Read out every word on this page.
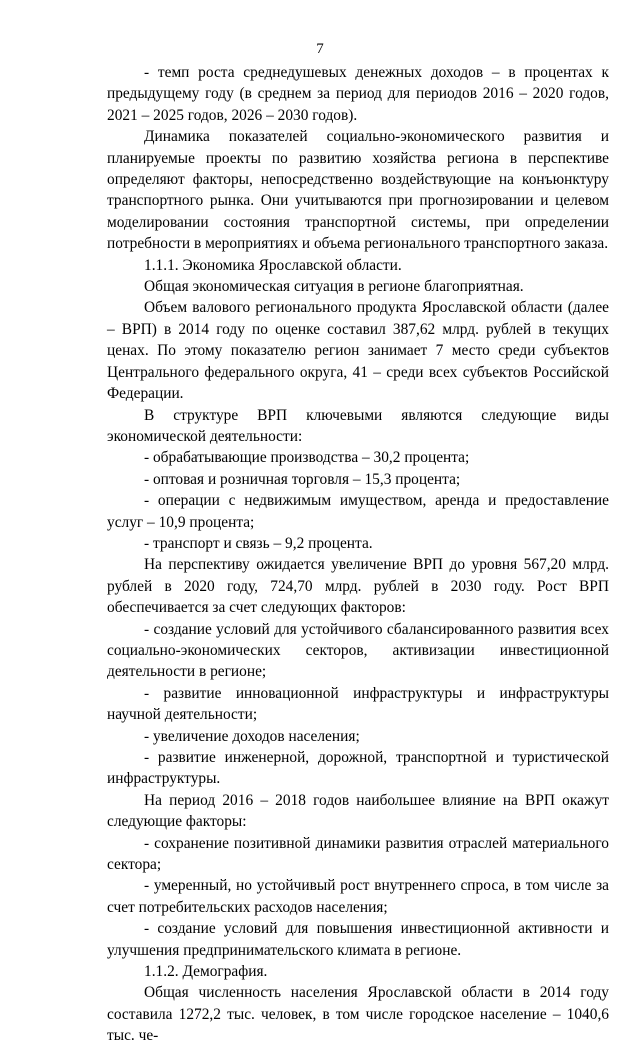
7

- темп роста среднедушевых денежных доходов – в процентах к предыдущему году (в среднем за период для периодов 2016 – 2020 годов, 2021 – 2025 годов, 2026 – 2030 годов).

Динамика показателей социально-экономического развития и планируемые проекты по развитию хозяйства региона в перспективе определяют факторы, непосредственно воздействующие на конъюнктуру транспортного рынка. Они учитываются при прогнозировании и целевом моделировании состояния транспортной системы, при определении потребности в мероприятиях и объема регионального транспортного заказа.

1.1.1. Экономика Ярославской области.

Общая экономическая ситуация в регионе благоприятная.

Объем валового регионального продукта Ярославской области (далее – ВРП) в 2014 году по оценке составил 387,62 млрд. рублей в текущих ценах. По этому показателю регион занимает 7 место среди субъектов Центрального федерального округа, 41 – среди всех субъектов Российской Федерации.

В структуре ВРП ключевыми являются следующие виды экономической деятельности:

- обрабатывающие производства – 30,2 процента;

- оптовая и розничная торговля – 15,3 процента;

- операции с недвижимым имуществом, аренда и предоставление услуг – 10,9 процента;

- транспорт и связь – 9,2 процента.

На перспективу ожидается увеличение ВРП до уровня 567,20 млрд. рублей в 2020 году, 724,70 млрд. рублей в 2030 году. Рост ВРП обеспечивается за счет следующих факторов:

- создание условий для устойчивого сбалансированного развития всех социально-экономических секторов, активизации инвестиционной деятельности в регионе;

- развитие инновационной инфраструктуры и инфраструктуры научной деятельности;

- увеличение доходов населения;

- развитие инженерной, дорожной, транспортной и туристической инфраструктуры.

На период 2016 – 2018 годов наибольшее влияние на ВРП окажут следующие факторы:

- сохранение позитивной динамики развития отраслей материального сектора;

- умеренный, но устойчивый рост внутреннего спроса, в том числе за счет потребительских расходов населения;

- создание условий для повышения инвестиционной активности и улучшения предпринимательского климата в регионе.

1.1.2. Демография.

Общая численность населения Ярославской области в 2014 году составила 1272,2 тыс. человек, в том числе городское население – 1040,6 тыс. че-
